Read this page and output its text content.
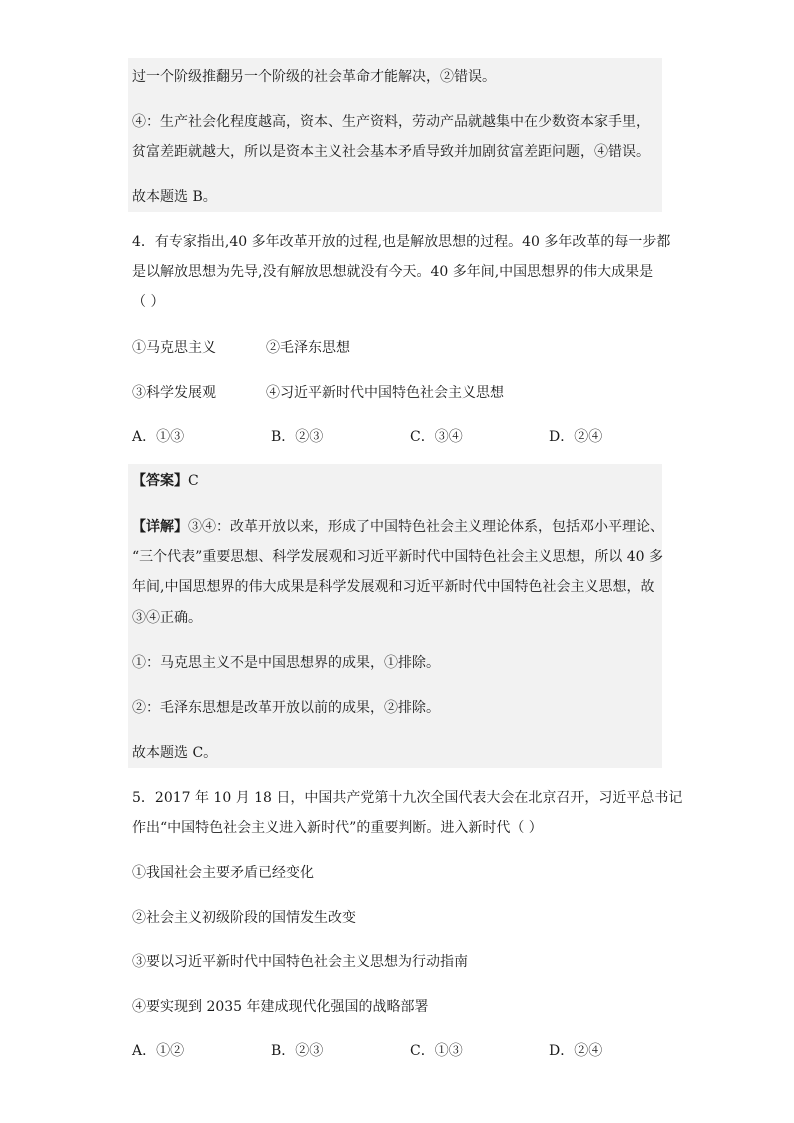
过一个阶级推翻另一个阶级的社会革命才能解决，②错误。
④：生产社会化程度越高，资本、生产资料，劳动产品就越集中在少数资本家手里，
贫富差距就越大，所以是资本主义社会基本矛盾导致并加剧贫富差距问题，④错误。
故本题选 B。
4．有专家指出,40 多年改革开放的过程,也是解放思想的过程。40 多年改革的每一步都
是以解放思想为先导,没有解放思想就没有今天。40 多年间,中国思想界的伟大成果是
（ ）
①马克思主义	②毛泽东思想
③科学发展观	④习近平新时代中国特色社会主义思想
A．①③	B．②③	C．③④	D．②④
【答案】C
【详解】③④：改革开放以来，形成了中国特色社会主义理论体系，包括邓小平理论、
“三个代表”重要思想、科学发展观和习近平新时代中国特色社会主义思想，所以 40 多
年间,中国思想界的伟大成果是科学发展观和习近平新时代中国特色社会主义思想，故
③④正确。
①：马克思主义不是中国思想界的成果，①排除。
②：毛泽东思想是改革开放以前的成果，②排除。
故本题选 C。
5．2017 年 10 月 18 日，中国共产党第十九次全国代表大会在北京召开，习近平总书记
作出“中国特色社会主义进入新时代”的重要判断。进入新时代（ ）
①我国社会主要矛盾已经变化
②社会主义初级阶段的国情发生改变
③要以习近平新时代中国特色社会主义思想为行动指南
④要实现到 2035 年建成现代化强国的战略部署
A．①②	B．②③	C．①③	D．②④
